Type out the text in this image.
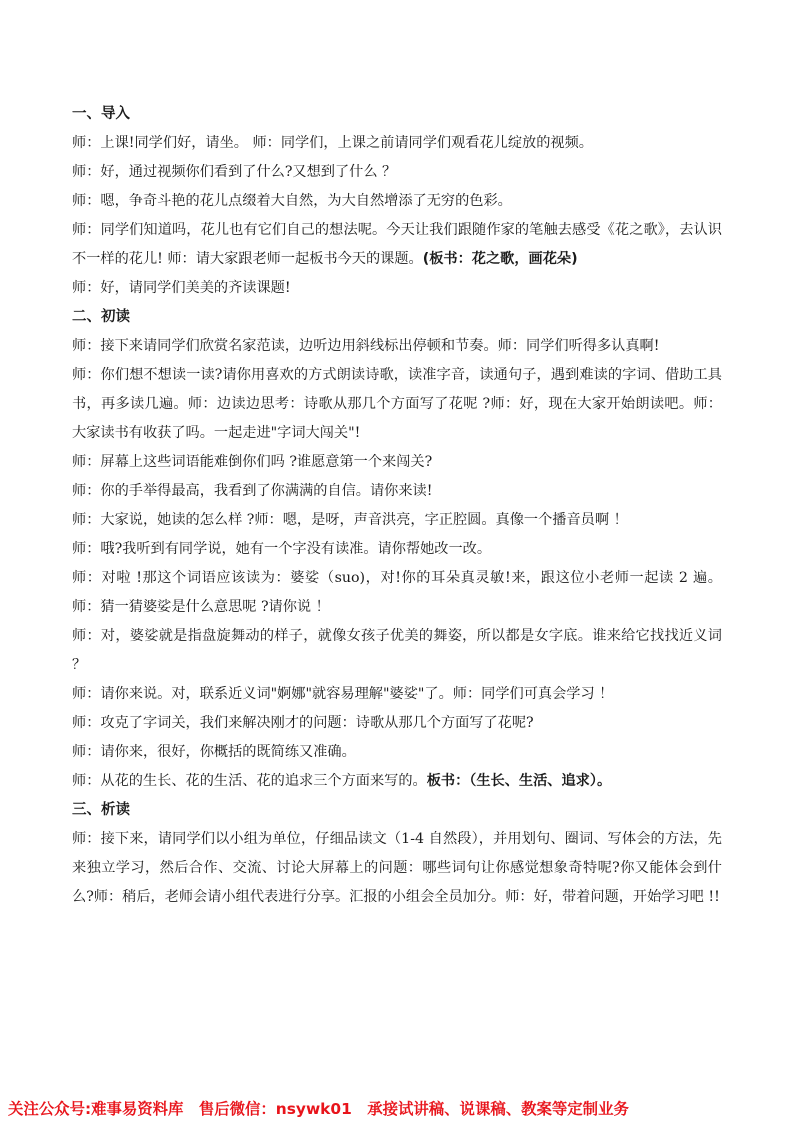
一、导入

师：上课!同学们好，请坐。 师：同学们，上课之前请同学们观看花儿绽放的视频。

师：好，通过视频你们看到了什么?又想到了什么 ？

师：嗯，争奇斗艳的花儿点缀着大自然，为大自然增添了无穷的色彩。

师：同学们知道吗，花儿也有它们自己的想法呢。今天让我们跟随作家的笔触去感受《花之歌》，去认识不一样的花儿! 师：请大家跟老师一起板书今天的课题。(板书：花之歌，画花朵)

师：好，请同学们美美的齐读课题!

二、初读

师：接下来请同学们欣赏名家范读，边听边用斜线标出停顿和节奏。师：同学们听得多认真啊!

师：你们想不想读一读?请你用喜欢的方式朗读诗歌，读准字音，读通句子，遇到难读的字词、借助工具书，再多读几遍。师：边读边思考：诗歌从那几个方面写了花呢 ?师：好，现在大家开始朗读吧。师：大家读书有收获了吗。一起走进"字词大闯关"!

师：屏幕上这些词语能难倒你们吗 ?谁愿意第一个来闯关?

师：你的手举得最高，我看到了你满满的自信。请你来读!

师：大家说，她读的怎么样 ?师：嗯，是呀，声音洪亮，字正腔圆。真像一个播音员啊 ！

师：哦?我听到有同学说，她有一个字没有读准。请你帮她改一改。

师：对啦 !那这个词语应该读为：婆娑（suo)，对!你的耳朵真灵敏!来，跟这位小老师一起读 2 遍。 师：猜一猜婆娑是什么意思呢 ?请你说 ！

师：对，婆娑就是指盘旋舞动的样子，就像女孩子优美的舞姿，所以都是女字底。谁来给它找找近义词 ？

师：请你来说。对，联系近义词"婀娜"就容易理解"婆娑"了。师：同学们可真会学习 ！

师：攻克了字词关，我们来解决刚才的问题：诗歌从那几个方面写了花呢?

师：请你来，很好，你概括的既简练又准确。

师：从花的生长、花的生活、花的追求三个方面来写的。板书：（生长、生活、追求）。

三、析读

师：接下来，请同学们以小组为单位，仔细品读文（1-4 自然段），并用划句、圈词、写体会的方法，先来独立学习，然后合作、交流、讨论大屏幕上的问题：哪些词句让你感觉想象奇特呢?你又能体会到什么?师：稍后，老师会请小组代表进行分享。汇报的小组会全员加分。师：好，带着问题，开始学习吧 !!

关注公众号:难事易资料库　售后微信：nsywk01　承接试讲稿、说课稿、教案等定制业务
